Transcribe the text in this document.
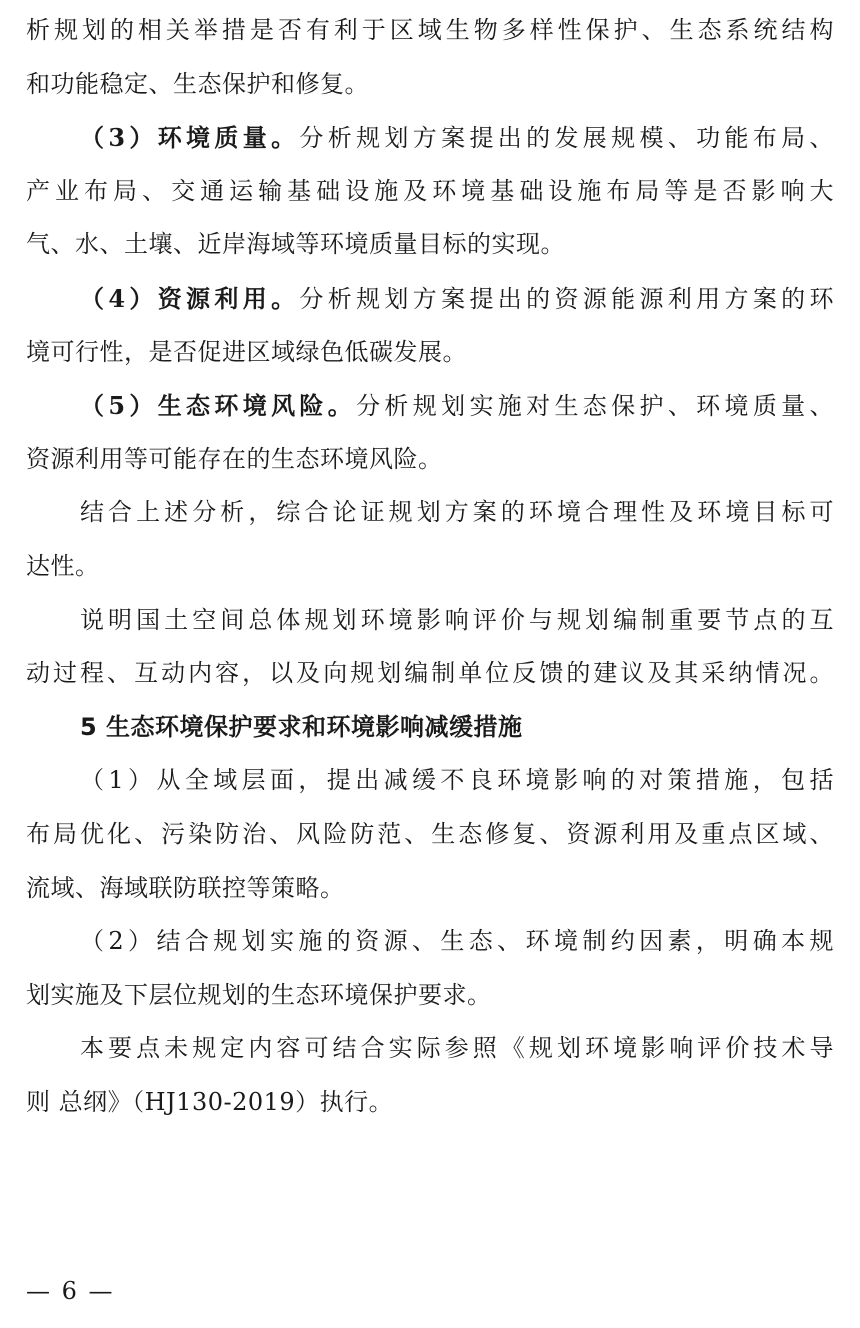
析规划的相关举措是否有利于区域生物多样性保护、生态系统结构
和功能稳定、生态保护和修复。
（3）环境质量。分析规划方案提出的发展规模、功能布局、
产业布局、交通运输基础设施及环境基础设施布局等是否影响大
气、水、土壤、近岸海域等环境质量目标的实现。
（4）资源利用。分析规划方案提出的资源能源利用方案的环
境可行性，是否促进区域绿色低碳发展。
（5）生态环境风险。分析规划实施对生态保护、环境质量、
资源利用等可能存在的生态环境风险。
结合上述分析，综合论证规划方案的环境合理性及环境目标可
达性。
说明国土空间总体规划环境影响评价与规划编制重要节点的互
动过程、互动内容，以及向规划编制单位反馈的建议及其采纳情况。
5 生态环境保护要求和环境影响减缓措施
（1）从全域层面，提出减缓不良环境影响的对策措施，包括
布局优化、污染防治、风险防范、生态修复、资源利用及重点区域、
流域、海域联防联控等策略。
（2）结合规划实施的资源、生态、环境制约因素，明确本规
划实施及下层位规划的生态环境保护要求。
本要点未规定内容可结合实际参照《规划环境影响评价技术导
则 总纲》（HJ130-2019）执行。
— 6 —
